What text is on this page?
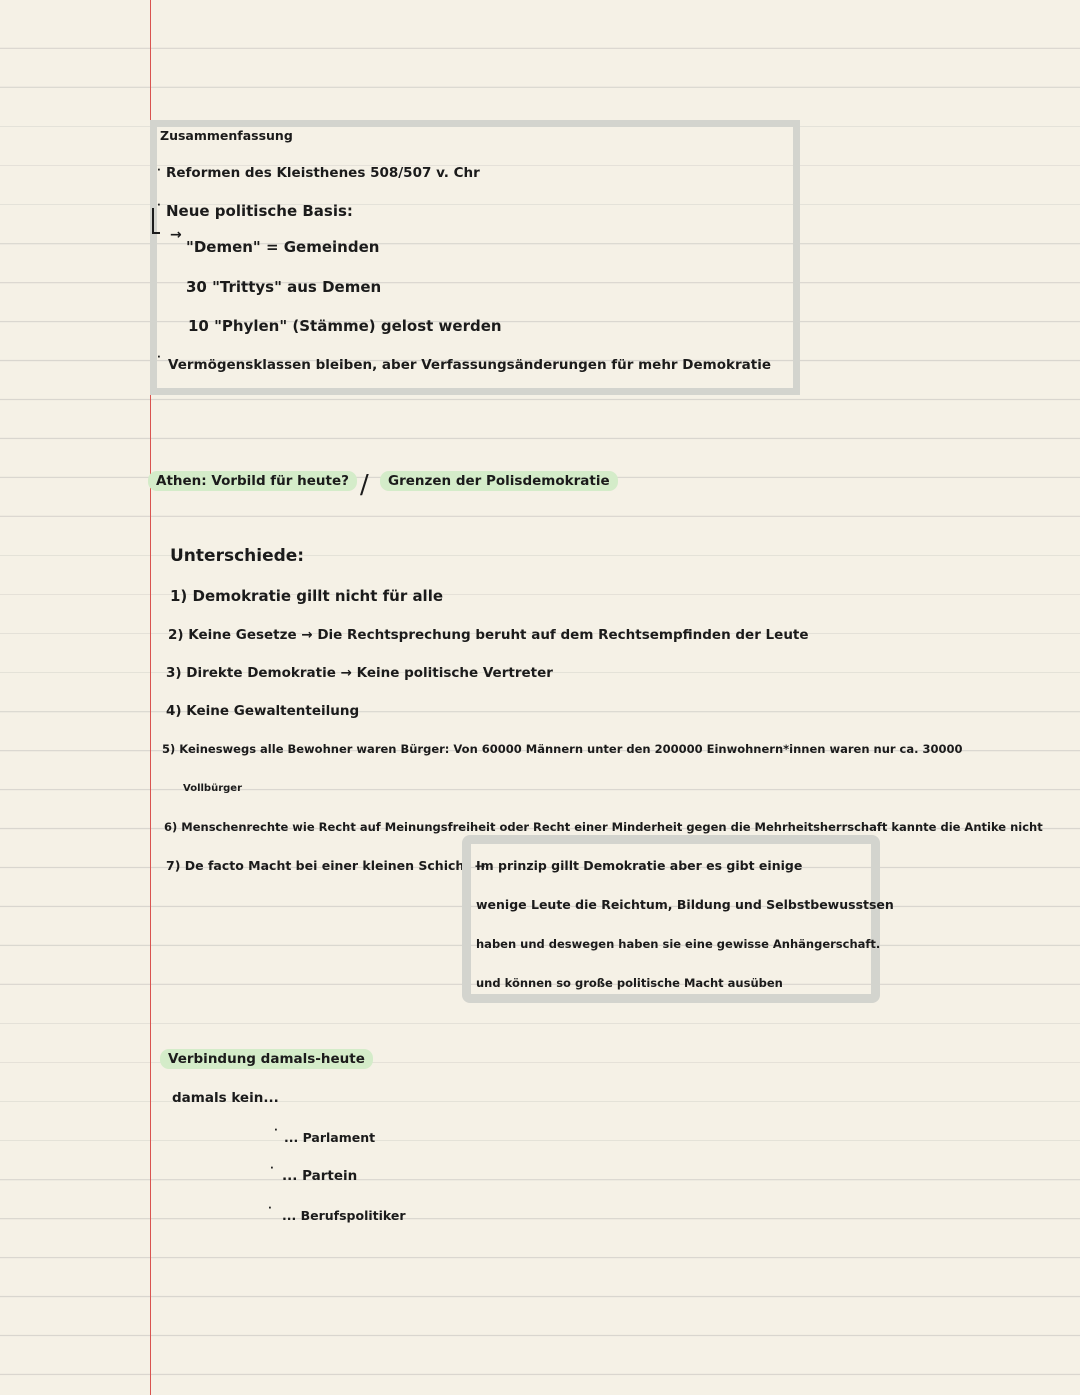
Zusammenfassung
· Reformen des Kleisthenes 508/507 v. Chr
· Neue politische Basis:
→
"Demen" = Gemeinden
30 "Trittys" aus Demen
10 "Phylen" (Stämme) gelost werden
· Vermögensklassen bleiben, aber Verfassungsänderungen für mehr Demokratie
Athen: Vorbild für heute? /	Grenzen der Polisdemokratie
Unterschiede:
1) Demokratie gillt nicht für alle
2) Keine Gesetze → Die Rechtsprechung beruht auf dem Rechtsempfinden der Leute
3) Direkte Demokratie → Keine politische Vertreter
4) Keine Gewaltenteilung
5) Keineswegs alle Bewohner waren Bürger: Von 60000 Männern unter den 200000 Einwohnern*innen waren nur ca. 30000
Vollbürger
6) Menschenrechte wie Recht auf Meinungsfreiheit oder Recht einer Minderheit gegen die Mehrheitsherrschaft kannte die Antike nicht
7) De facto Macht bei einer kleinen Schicht →
Im prinzip gillt Demokratie aber es gibt einige
wenige Leute die Reichtum, Bildung und Selbstbewusstsen
haben und deswegen haben sie eine gewisse Anhängerschaft.
und können so große politische Macht ausüben
Verbindung damals-heute
damals kein...
· ... Parlament
· ... Partein
· ... Berufspolitiker
